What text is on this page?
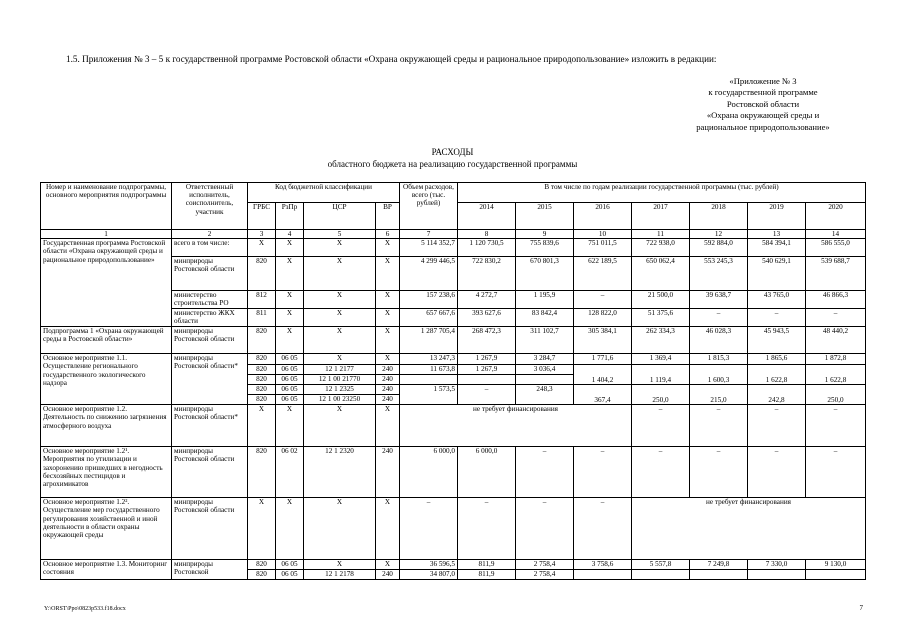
1.5. Приложения № 3 – 5 к государственной программе Ростовской области «Охрана окружающей среды и рациональное природопользование» изложить в редакции:
«Приложение № 3
к государственной программе
Ростовской области
«Охрана окружающей среды и
рациональное природопользование»
РАСХОДЫ
областного бюджета на реализацию государственной программы
Номер и наименование подпрограммы, основного мероприятия подпрограммы	Ответственный исполнитель, соисполнитель, участник	Код бюджетной классификации				Объем расходов, всего (тыс. рублей)	В том числе по годам реализации государственной программы (тыс. рублей)						
		ГРБС	РзПр	ЦСР	ВР		2014	2015	2016	2017	2018	2019	2020
1	2	3	4	5	6	7	8	9	10	11	12	13	14
Государственная программа Ростовской области «Охрана окружающей среды и рациональное природопользование»	всего в том числе:	Х	Х	Х	Х	5 114 352,7	1 120 730,5	755 839,6	751 011,5	722 938,0	592 884,0	584 394,1	586 555,0
	минприроды Ростовской области	820	Х	Х	Х	4 299 446,5	722 830,2	670 801,3	622 189,5	650 062,4	553 245,3	540 629,1	539 688,7
	министерство строительства РО	812	Х	Х	Х	157 238,6	4 272,7	1 195,9	–	21 500,0	39 638,7	43 765,0	46 866,3
	министерство ЖКХ области	811	Х	Х	Х	657 667,6	393 627,6	83 842,4	128 822,0	51 375,6	–	–	–
Подпрограмма 1 «Охрана окружающей среды в Ростовской области»	минприроды Ростовской области	820	Х	Х	Х	1 287 705,4	268 472,3	311 102,7	305 384,1	262 334,3	46 028,3	45 943,5	48 440,2
Основное мероприятие 1.1. Осуществление регионального государственного экологического надзора	минприроды Ростовской области*	820	06 05	Х	Х	13 247,3	1 267,9	3 284,7	1 771,6	1 369,4	1 815,3	1 865,6	1 872,8
		820	06 05	12 1 2177	240	11 673,8	1 267,9	3 036,4	1 404,2	1 119,4	1 600,3	1 622,8	1 622,8
		820	06 05	12 1 00 21770	240								
		820	06 05	12 1 2325	240	1 573,5	–	248,3	367,4	250,0	215,0	242,8	250,0
		820	06 05	12 1 00 23250	240								
Основное мероприятие 1.2. Деятельность по снижению загрязнения атмосферного воздуха	минприроды Ростовской области*	Х	Х	Х	Х	не требует финансирования				–	–	–	–
Основное мероприятие 1.2¹. Мероприятия по утилизации и захоронению пришедших в негодность бесхозяйных пестицидов и агрохимикатов	минприроды Ростовской области	820	06 02	12 1 2320	240	6 000,0	6 000,0	–	–	–	–	–	–
Основное мероприятие 1.2². Осуществление мер государственного регулирования хозяйственной и иной деятельности в области охраны окружающей среды	минприроды Ростовской области	Х	Х	Х	Х	–	–	–	–	не требует финансирования			
Основное мероприятие 1.3. Мониторинг состояния	минприроды Ростовской	820	06 05	Х	Х	36 596,5	811,9	2 758,4	3 758,6	5 557,8	7 249,8	7 330,0	9 130,0
		820	06 05	12 1 2178	240	34 807,0	811,9	2 758,4					
Y:\ORST\Ppo\0823p533.f18.docx	7
